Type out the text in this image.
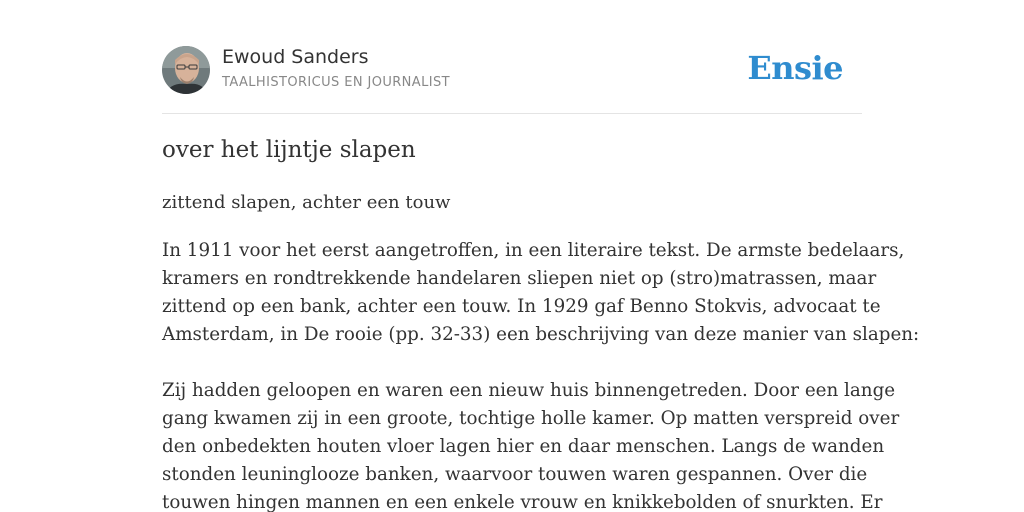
Ewoud Sanders
TAALHISTORICUS EN JOURNALIST	Ensie
over het lijntje slapen
zittend slapen, achter een touw

In 1911 voor het eerst aangetroffen, in een literaire tekst. De armste bedelaars,
kramers en rondtrekkende handelaren sliepen niet op (stro)matrassen, maar
zittend op een bank, achter een touw. In 1929 gaf Benno Stokvis, advocaat te
Amsterdam, in De rooie (pp. 32-33) een beschrijving van deze manier van slapen:

Zij hadden geloopen en waren een nieuw huis binnengetreden. Door een lange
gang kwamen zij in een groote, tochtige holle kamer. Op matten verspreid over
den onbedekten houten vloer lagen hier en daar menschen. Langs de wanden
stonden leuninglooze banken, waarvoor touwen waren gespannen. Over die
touwen hingen mannen en een enkele vrouw en knikkebolden of snurkten. Er
